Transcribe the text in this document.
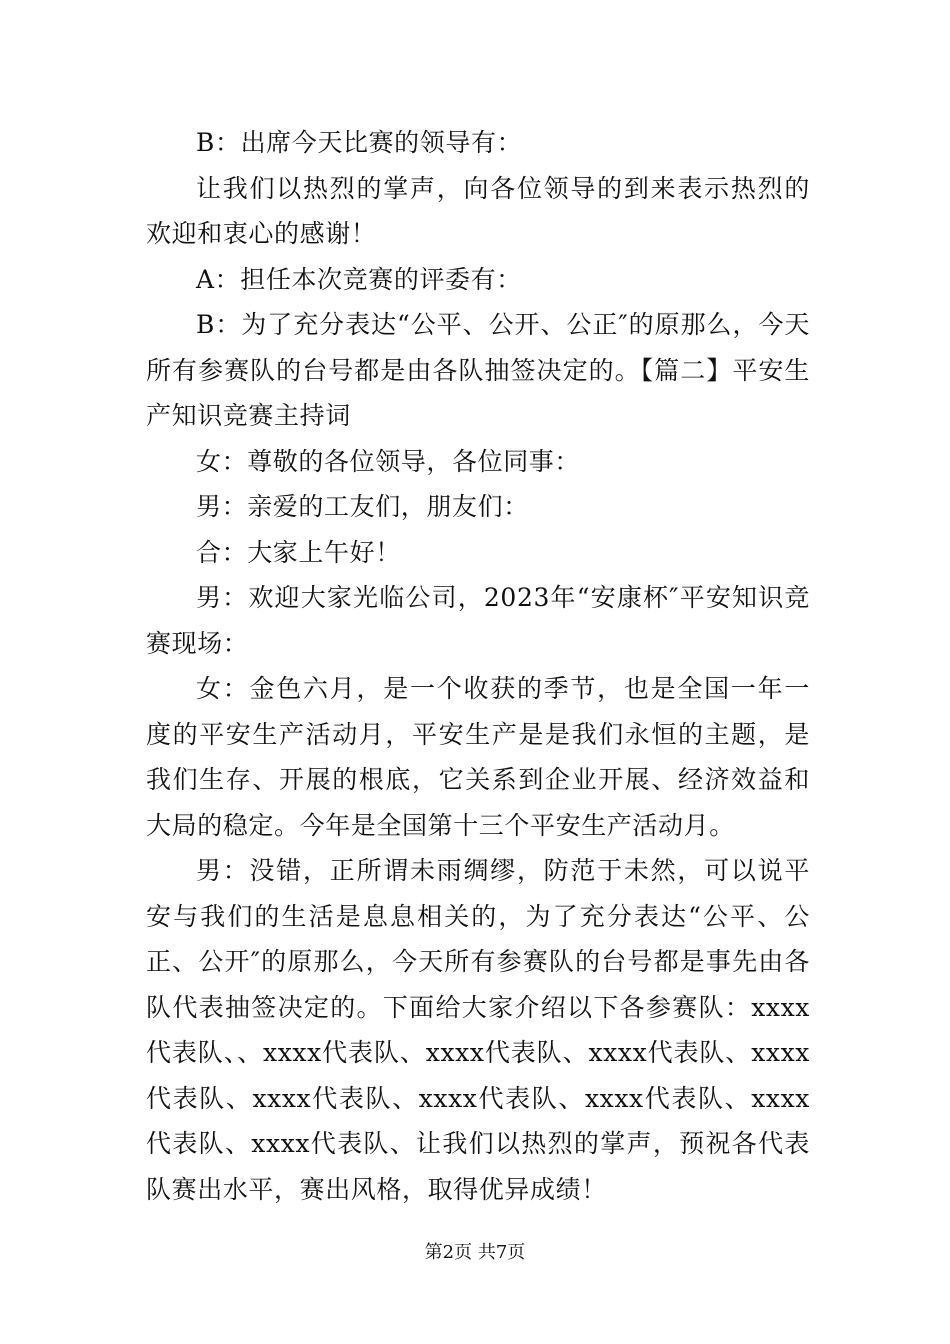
B：出席今天比赛的领导有：

让我们以热烈的掌声，向各位领导的到来表示热烈的欢迎和衷心的感谢！

A：担任本次竞赛的评委有：

B：为了充分表达“公平、公开、公正″的原那么，今天所有参赛队的台号都是由各队抽签决定的。【篇二】平安生产知识竞赛主持词

女：尊敬的各位领导，各位同事：

男：亲爱的工友们，朋友们：

合：大家上午好！

男：欢迎大家光临公司，2023年“安康杯″平安知识竞赛现场：

女：金色六月，是一个收获的季节，也是全国一年一度的平安生产活动月，平安生产是是我们永恒的主题，是我们生存、开展的根底，它关系到企业开展、经济效益和大局的稳定。今年是全国第十三个平安生产活动月。

男：没错，正所谓未雨绸缪，防范于未然，可以说平安与我们的生活是息息相关的，为了充分表达“公平、公正、公开″的原那么，今天所有参赛队的台号都是事先由各队代表抽签决定的。下面给大家介绍以下各参赛队：xxxx代表队、、xxxx代表队、xxxx代表队、xxxx代表队、xxxx代表队、xxxx代表队、xxxx代表队、xxxx代表队、xxxx代表队、xxxx代表队、让我们以热烈的掌声，预祝各代表队赛出水平，赛出风格，取得优异成绩！

第2页 共7页
